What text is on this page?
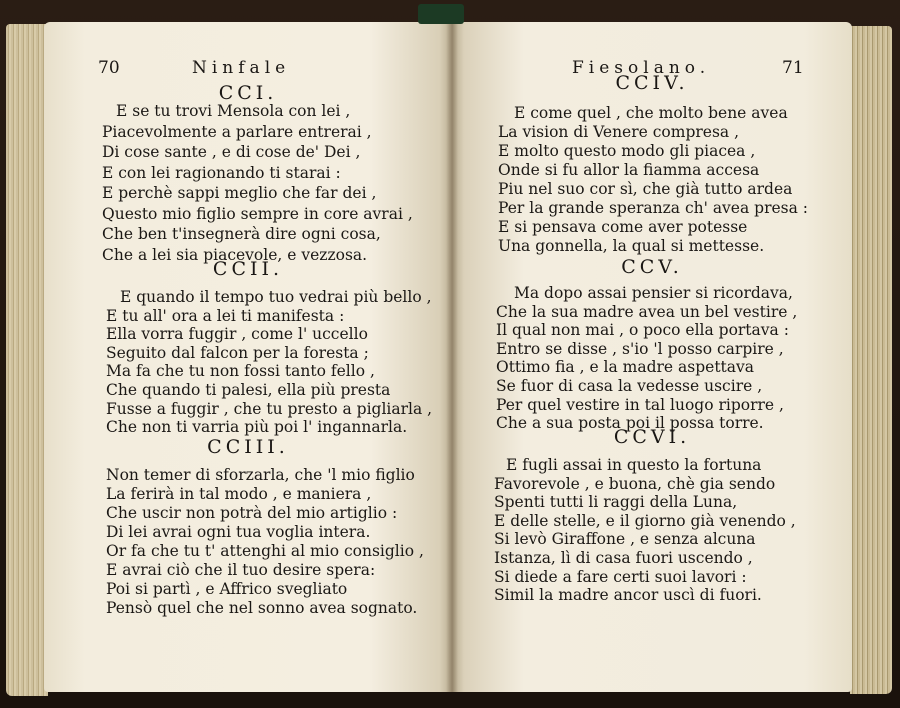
70	Ninfale
CCI.
E se tu trovi Mensola con lei ,
Piacevolmente a parlare entrerai ,
Di cose sante , e di cose de' Dei ,
E con lei ragionando ti starai :
E perchè sappi meglio che far dei ,
Questo mio figlio sempre in core avrai ,
Che ben t'insegnerà dire ogni cosa,
Che a lei sia piacevole, e vezzosa.
CCII.
E quando il tempo tuo vedrai più bello ,
E tu all' ora a lei ti manifesta :
Ella vorra fuggir , come l' uccello
Seguito dal falcon per la foresta ;
Ma fa che tu non fossi tanto fello ,
Che quando ti palesi, ella più presta
Fusse a fuggir , che tu presto a pigliarla ,
Che non ti varria più poi l' ingannarla.
CCIII.
Non temer di sforzarla, che 'l mio figlio
La ferirà in tal modo , e maniera ,
Che uscir non potrà del mio artiglio :
Di lei avrai ogni tua voglia intera.
Or fa che tu t' attenghi al mio consiglio ,
E avrai ciò che il tuo desire spera:
Poi si partì , e Affrico svegliato
Pensò quel che nel sonno avea sognato.
Fiesolano.	71
CCIV.
E come quel , che molto bene avea
La vision di Venere compresa ,
E molto questo modo gli piacea ,
Onde si fu allor la fiamma accesa
Piu nel suo cor sì, che già tutto ardea
Per la grande speranza ch' avea presa :
E si pensava come aver potesse
Una gonnella, la qual si mettesse.
CCV.
Ma dopo assai pensier si ricordava,
Che la sua madre avea un bel vestire ,
Il qual non mai , o poco ella portava :
Entro se disse , s'io 'l posso carpire ,
Ottimo fia , e la madre aspettava
Se fuor di casa la vedesse uscire ,
Per quel vestire in tal luogo riporre ,
Che a sua posta poi il possa torre.
CCVI.
E fugli assai in questo la fortuna
Favorevole , e buona, chè gia sendo
Spenti tutti li raggi della Luna,
E delle stelle, e il giorno già venendo ,
Si levò Giraffone , e senza alcuna
Istanza, lì di casa fuori uscendo ,
Si diede a fare certi suoi lavori :
Simil la madre ancor uscì di fuori.
